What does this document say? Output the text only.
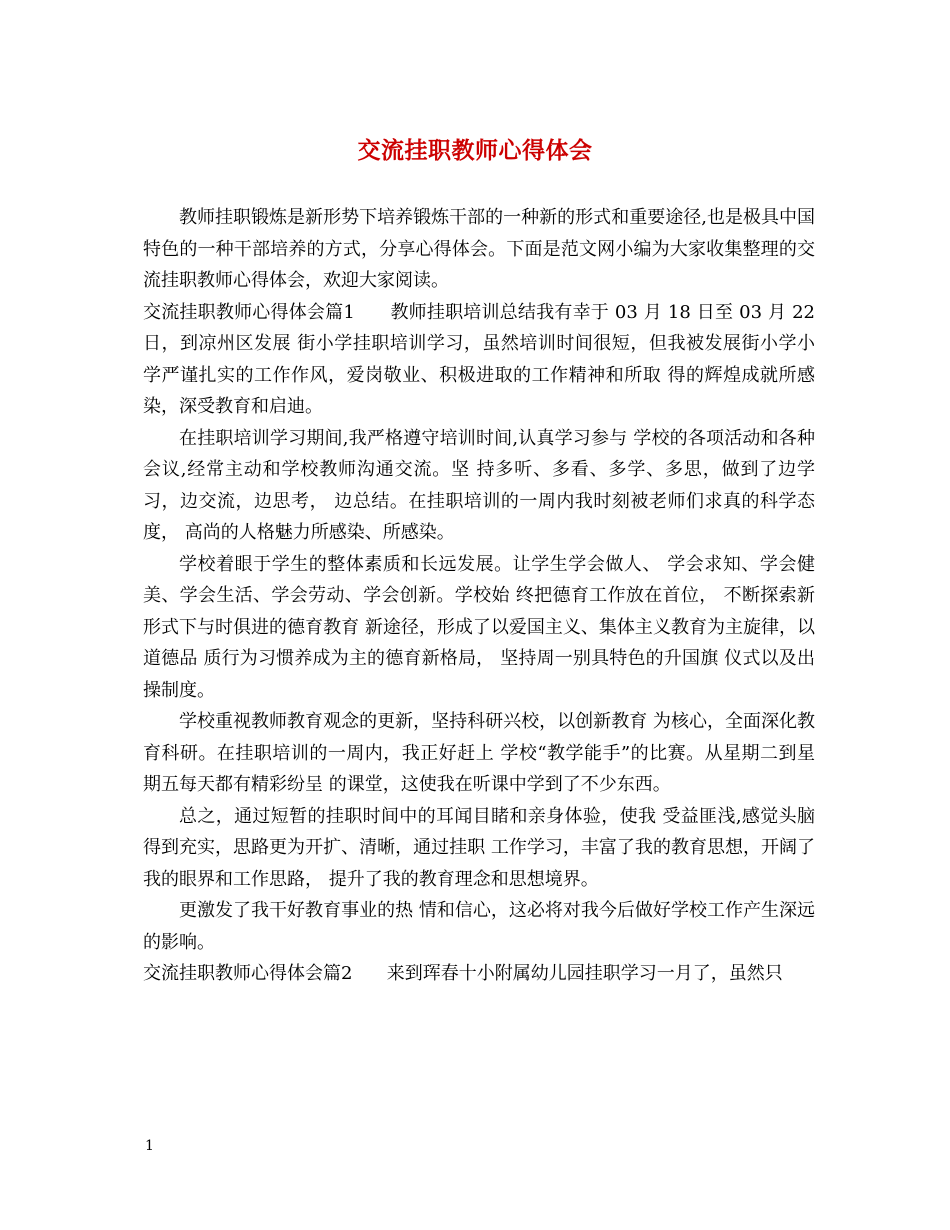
交流挂职教师心得体会

教师挂职锻炼是新形势下培养锻炼干部的一种新的形式和重要途径,也是极具中国特色的一种干部培养的方式，分享心得体会。下面是范文网小编为大家收集整理的交流挂职教师心得体会，欢迎大家阅读。

交流挂职教师心得体会篇1 教师挂职培训总结我有幸于 03 月 18 日至 03 月 22 日，到凉州区发展 街小学挂职培训学习，虽然培训时间很短，但我被发展街小学小 学严谨扎实的工作作风，爱岗敬业、积极进取的工作精神和所取 得的辉煌成就所感染，深受教育和启迪。

在挂职培训学习期间,我严格遵守培训时间,认真学习参与 学校的各项活动和各种会议,经常主动和学校教师沟通交流。坚 持多听、多看、多学、多思，做到了边学习，边交流，边思考， 边总结。在挂职培训的一周内我时刻被老师们求真的科学态度， 高尚的人格魅力所感染、所感染。

学校着眼于学生的整体素质和长远发展。让学生学会做人、 学会求知、学会健美、学会生活、学会劳动、学会创新。学校始 终把德育工作放在首位， 不断探索新形式下与时俱进的德育教育 新途径，形成了以爱国主义、集体主义教育为主旋律，以道德品 质行为习惯养成为主的德育新格局， 坚持周一别具特色的升国旗 仪式以及出操制度。

学校重视教师教育观念的更新，坚持科研兴校，以创新教育 为核心，全面深化教育科研。在挂职培训的一周内，我正好赶上 学校“教学能手”的比赛。从星期二到星期五每天都有精彩纷呈 的课堂，这使我在听课中学到了不少东西。

总之，通过短暂的挂职时间中的耳闻目睹和亲身体验，使我 受益匪浅,感觉头脑得到充实，思路更为开扩、清晰，通过挂职 工作学习，丰富了我的教育思想，开阔了我的眼界和工作思路， 提升了我的教育理念和思想境界。

更激发了我干好教育事业的热 情和信心，这必将对我今后做好学校工作产生深远的影响。

交流挂职教师心得体会篇2 来到珲春十小附属幼儿园挂职学习一月了，虽然只

1
